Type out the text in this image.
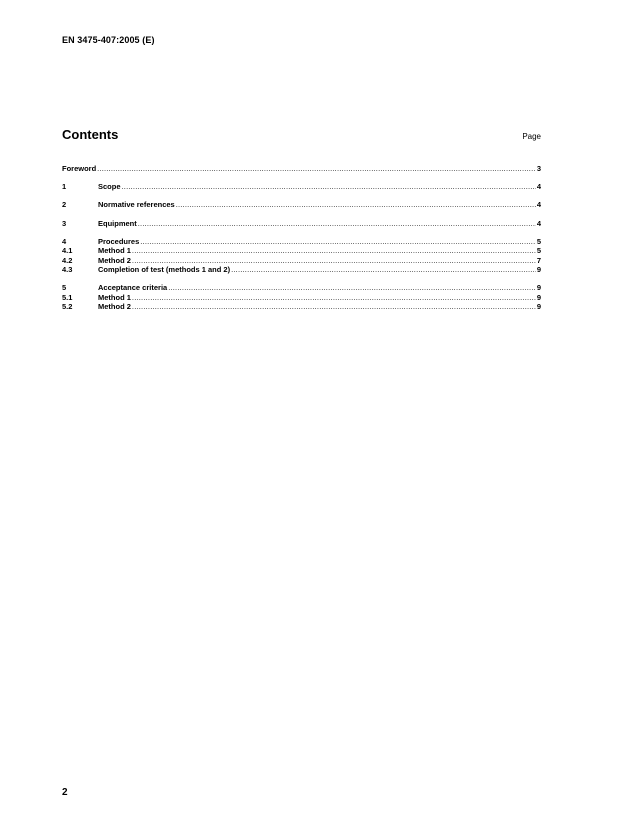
EN 3475-407:2005 (E)
Contents	Page
Foreword .....	3
1	Scope .....	4
2	Normative references .....	4
3	Equipment .....	4
4	Procedures .....	5
4.1	Method 1 .....	5
4.2	Method 2 .....	7
4.3	Completion of test (methods 1 and 2) .....	9
5	Acceptance criteria .....	9
5.1	Method 1 .....	9
5.2	Method 2 .....	9
2
